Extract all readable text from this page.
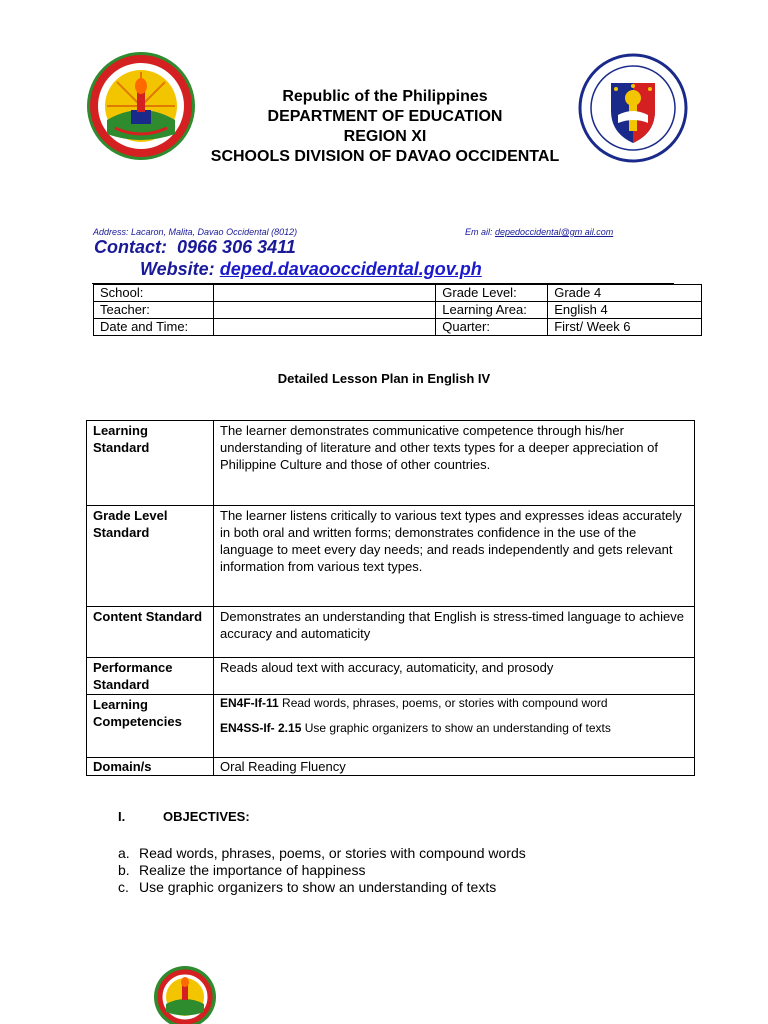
Republic of the Philippines
DEPARTMENT OF EDUCATION
REGION XI
SCHOOLS DIVISION OF DAVAO OCCIDENTAL
Address: Lacaron, Malita, Davao Occidental (8012)	Em ail: depedoccidental@gm ail.com
Contact: 0966 306 3411
Website: deped.davaooccidental.gov.ph
School:		Grade Level:	Grade 4
Teacher:		Learning Area:	English 4
Date and Time:		Quarter:	First/ Week 6
Detailed Lesson Plan in English IV
Learning Standard	The learner demonstrates communicative competence through his/her understanding of literature and other texts types for a deeper appreciation of Philippine Culture and those of other countries.
Grade Level Standard	The learner listens critically to various text types and expresses ideas accurately in both oral and written forms; demonstrates confidence in the use of the language to meet every day needs; and reads independently and gets relevant information from various text types.
Content Standard	Demonstrates an understanding that English is stress-timed language to achieve accuracy and automaticity
Performance Standard	Reads aloud text with accuracy, automaticity, and prosody
Learning Competencies	EN4F-If-11 Read words, phrases, poems, or stories with compound word
EN4SS-If- 2.15 Use graphic organizers to show an understanding of texts

Domain/s	Oral Reading Fluency
I.	OBJECTIVES:
a. Read words, phrases, poems, or stories with compound words
b. Realize the importance of happiness
c. Use graphic organizers to show an understanding of texts
